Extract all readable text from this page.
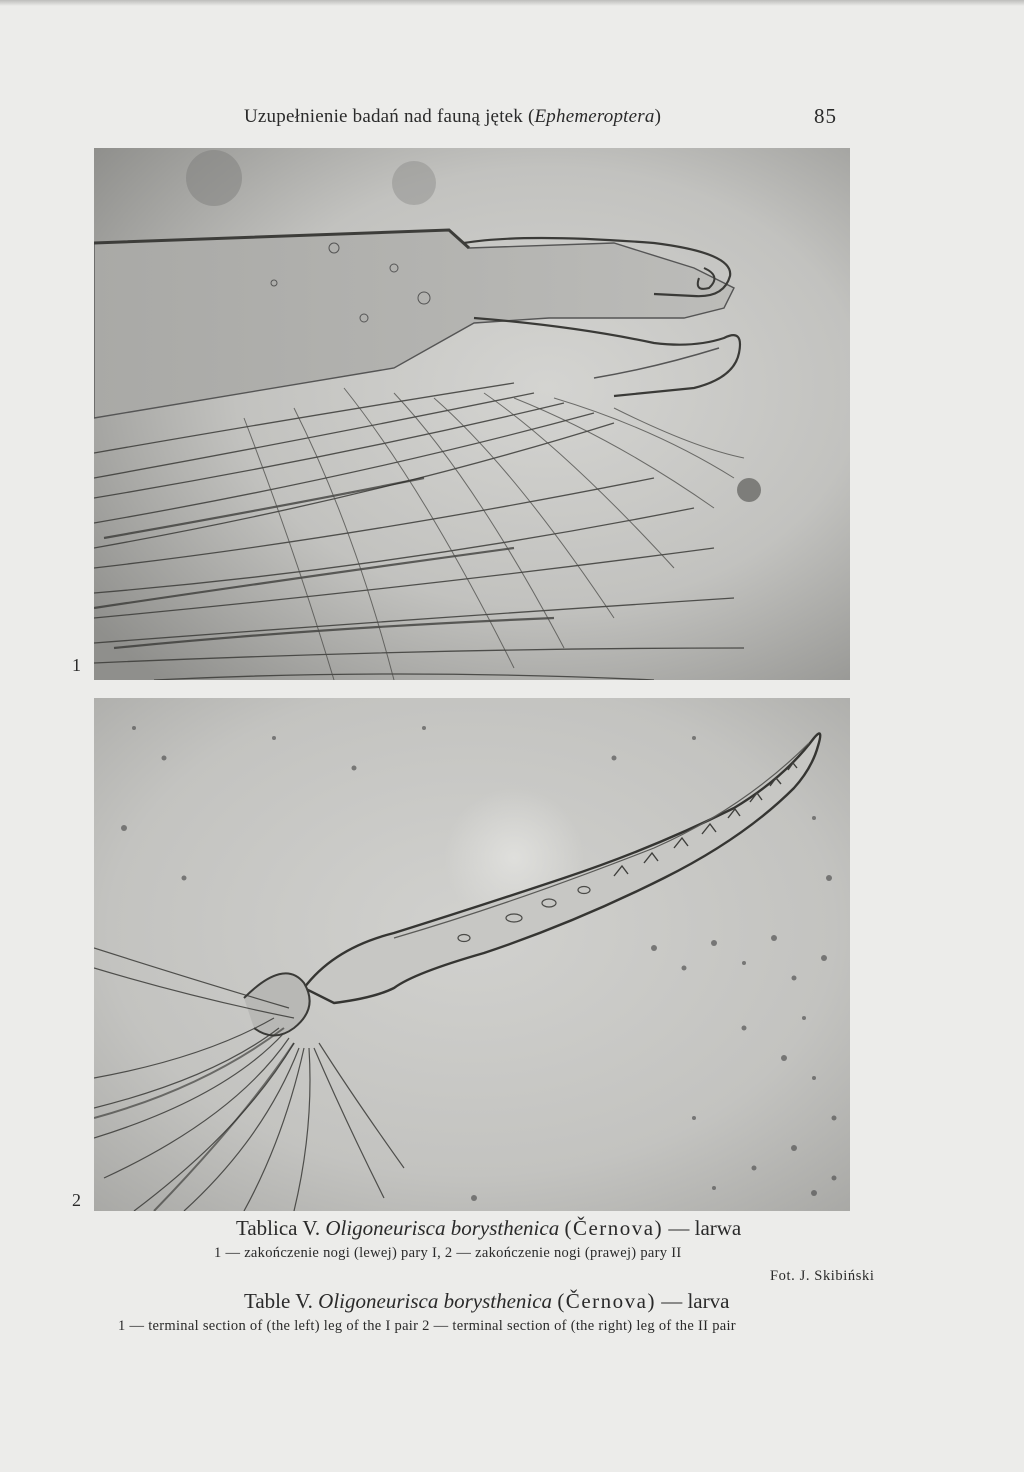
Uzupełnienie badań nad fauną jętek (Ephemeroptera)	85
1
2
Tablica V. Oligoneurisca borysthenica (Černova) — larwa
1 — zakończenie nogi (lewej) pary I, 2 — zakończenie nogi (prawej) pary II
Fot. J. Skibiński
Table V. Oligoneurisca borysthenica (Černova) — larva
1 — terminal section of (the left) leg of the I pair 2 — terminal section of (the right) leg of the II pair
